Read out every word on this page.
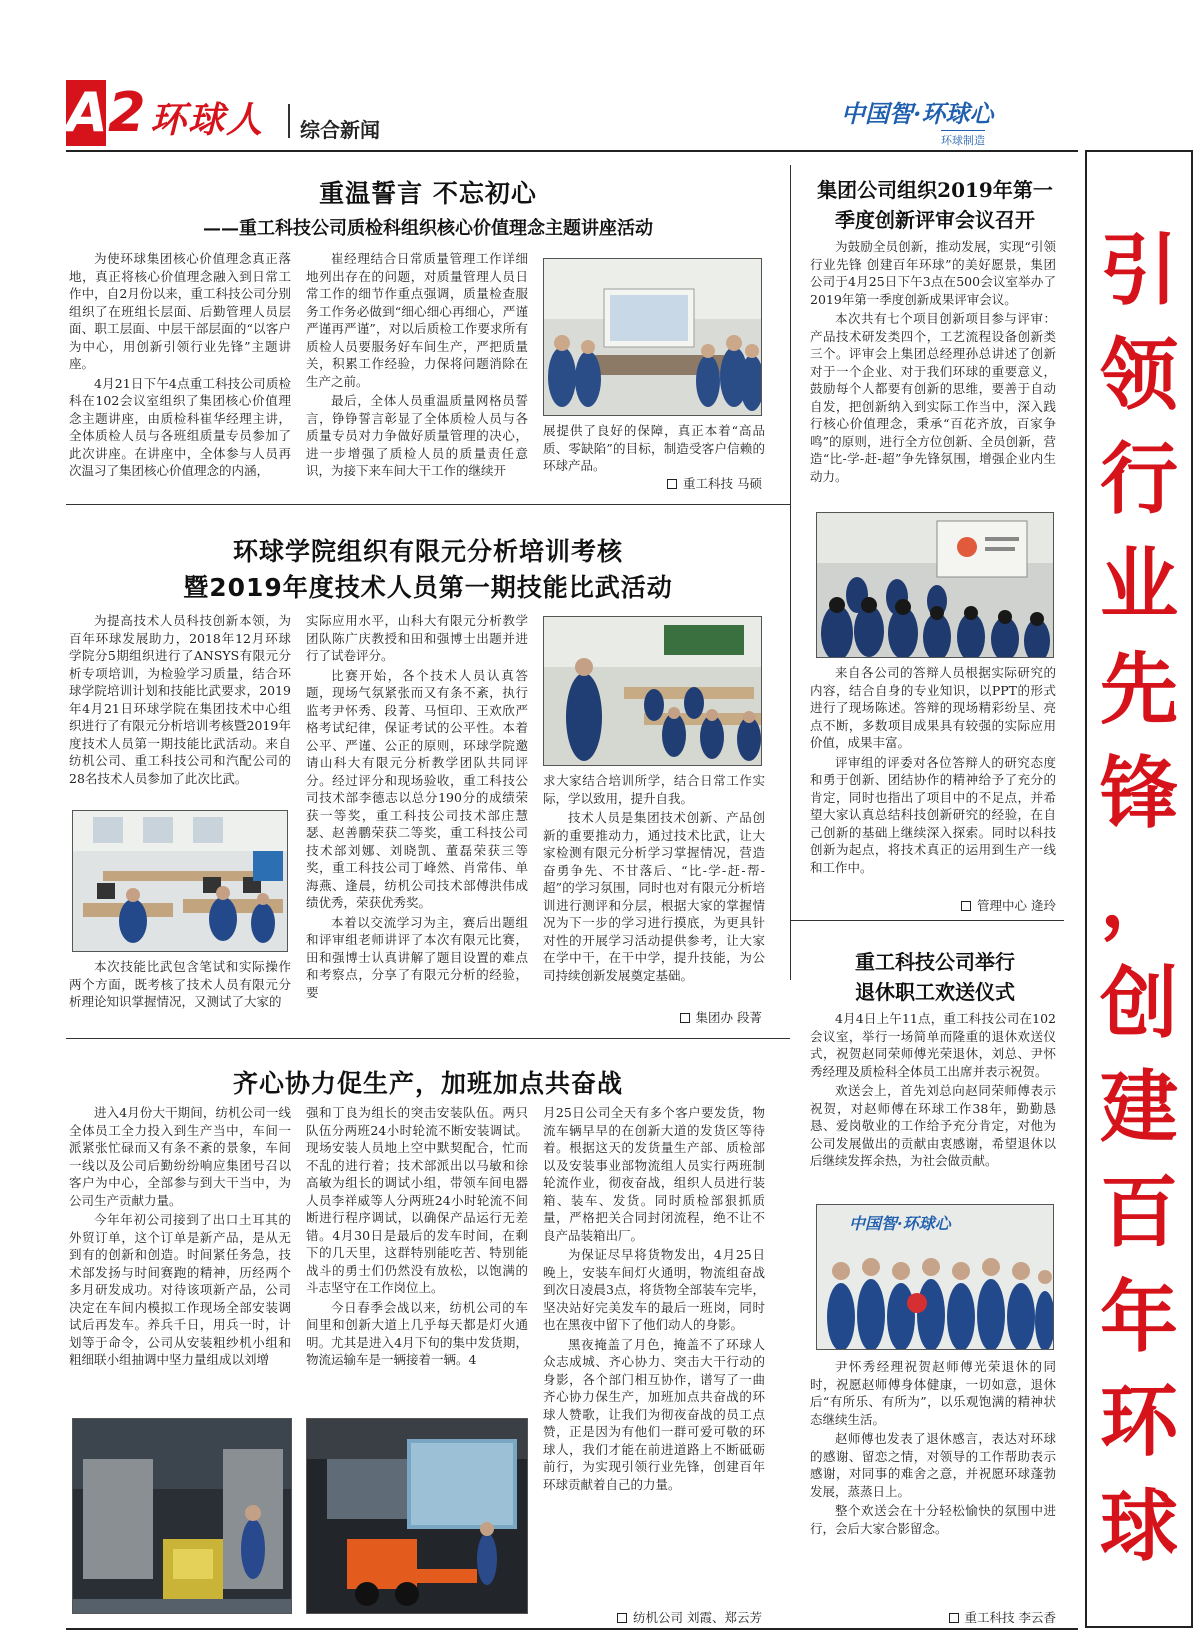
A 2 环球人 综合新闻
中国智·环球心
环球制造
引
领
行
业
先
锋
，
创
建
百
年
环
球
重温誓言 不忘初心
——重工科技公司质检科组织核心价值理念主题讲座活动

为使环球集团核心价值理念真正落地，真正将核心价值理念融入到日常工作中，自2月份以来，重工科技公司分别组织了在班组长层面、后勤管理人员层面、职工层面、中层干部层面的“以客户为中心，用创新引领行业先锋”主题讲座。

4月21日下午4点重工科技公司质检科在102会议室组织了集团核心价值理念主题讲座，由质检科崔华经理主讲，全体质检人员与各班组质量专员参加了此次讲座。在讲座中，全体参与人员再次温习了集团核心价值理念的内涵，

崔经理结合日常质量管理工作详细地列出存在的问题，对质量管理人员日常工作的细节作重点强调，质量检查服务工作务必做到“细心细心再细心，严谨严谨再严谨”，对以后质检工作要求所有质检人员要服务好车间生产，严把质量关，积累工作经验，力保将问题消除在生产之前。

最后，全体人员重温质量网格员誓言，铮铮誓言彰显了全体质检人员与各质量专员对力争做好质量管理的决心，进一步增强了质检人员的质量责任意识，为接下来车间大干工作的继续开

展提供了良好的保障，真正本着“高品质、零缺陷”的目标，制造受客户信赖的环球产品。

重工科技 马硕
环球学院组织有限元分析培训考核
暨2019年度技术人员第一期技能比武活动

为提高技术人员科技创新本领，为百年环球发展助力，2018年12月环球学院分5期组织进行了ANSYS有限元分析专项培训，为检验学习质量，结合环球学院培训计划和技能比武要求，2019年4月21日环球学院在集团技术中心组织进行了有限元分析培训考核暨2019年度技术人员第一期技能比武活动。来自纺机公司、重工科技公司和汽配公司的28名技术人员参加了此次比武。

本次技能比武包含笔试和实际操作两个方面，既考核了技术人员有限元分析理论知识掌握情况，又测试了大家的

实际应用水平，山科大有限元分析教学团队陈广庆教授和田和强博士出题并进行了试卷评分。

比赛开始，各个技术人员认真答题，现场气氛紧张而又有条不紊，执行监考尹怀秀、段菁、马恒印、王欢欣严格考试纪律，保证考试的公平性。本着公平、严谨、公正的原则，环球学院邀请山科大有限元分析教学团队共同评分。经过评分和现场验收，重工科技公司技术部李德志以总分190分的成绩荣获一等奖，重工科技公司技术部庄慧瑟、赵善鹏荣获二等奖，重工科技公司技术部刘娜、刘晓凯、董磊荣获三等奖，重工科技公司丁峰然、肖常伟、单海燕、逢晨，纺机公司技术部傅洪伟成绩优秀，荣获优秀奖。

本着以交流学习为主，赛后出题组和评审组老师讲评了本次有限元比赛，田和强博士认真讲解了题目设置的难点和考察点，分享了有限元分析的经验，要

求大家结合培训所学，结合日常工作实际，学以致用，提升自我。

技术人员是集团技术创新、产品创新的重要推动力，通过技术比武，让大家检测有限元分析学习掌握情况，营造奋勇争先、不甘落后、“比-学-赶-帮-超”的学习氛围，同时也对有限元分析培训进行测评和分层，根据大家的掌握情况为下一步的学习进行摸底，为更具针对性的开展学习活动提供参考，让大家在学中干，在干中学，提升技能，为公司持续创新发展奠定基础。

集团办 段菁
齐心协力促生产，加班加点共奋战

进入4月份大干期间，纺机公司一线全体员工全力投入到生产当中，车间一派紧张忙碌而又有条不紊的景象，车间一线以及公司后勤纷纷响应集团号召以客户为中心，全部参与到大干当中，为公司生产贡献力量。

今年年初公司接到了出口土耳其的外贸订单，这个订单是新产品，是从无到有的创新和创造。时间紧任务急，技术部发扬与时间赛跑的精神，历经两个多月研发成功。对待该项新产品，公司决定在车间内模拟工作现场全部安装调试后再发车。养兵千日，用兵一时，计划等于命令，公司从安装粗纱机小组和粗细联小组抽调中坚力量组成以刘增

强和丁良为组长的突击安装队伍。两只队伍分两班24小时轮流不断安装调试。现场安装人员地上空中默契配合，忙而不乱的进行着；技术部派出以马敏和徐高敏为组长的调试小组，带领车间电器人员李祥威等人分两班24小时轮流不间断进行程序调试，以确保产品运行无差错。4月30日是最后的发车时间，在剩下的几天里，这群特别能吃苦、特别能战斗的勇士们仍然没有放松，以饱满的斗志坚守在工作岗位上。

今日春季会战以来，纺机公司的车间里和创新大道上几乎每天都是灯火通明。尤其是进入4月下旬的集中发货期，物流运输车是一辆接着一辆。4

月25日公司全天有多个客户要发货，物流车辆早早的在创新大道的发货区等待着。根据这天的发货量生产部、质检部以及安装事业部物流组人员实行两班制轮流作业，彻夜奋战，组织人员进行装箱、装车、发货。同时质检部狠抓质量，严格把关合同封闭流程，绝不让不良产品装箱出厂。

为保证尽早将货物发出，4月25日晚上，安装车间灯火通明，物流组奋战到次日凌晨3点，将货物全部装车完毕，坚决站好完美发车的最后一班岗，同时也在黑夜中留下了他们动人的身影。

黑夜掩盖了月色，掩盖不了环球人众志成城、齐心协力、突击大干行动的身影，各个部门相互协作，谱写了一曲齐心协力保生产，加班加点共奋战的环球人赞歌，让我们为彻夜奋战的员工点赞，正是因为有他们一群可爱可敬的环球人，我们才能在前进道路上不断砥砺前行，为实现引领行业先锋，创建百年环球贡献着自己的力量。

纺机公司 刘霞、郑云芳
集团公司组织2019年第一
季度创新评审会议召开

为鼓励全员创新，推动发展，实现“引领行业先锋 创建百年环球”的美好愿景，集团公司于4月25日下午3点在500会议室举办了2019年第一季度创新成果评审会议。

本次共有七个项目创新项目参与评审：产品技术研发类四个，工艺流程设备创新类三个。评审会上集团总经理孙总讲述了创新对于一个企业、对于我们环球的重要意义，鼓励每个人都要有创新的思维，要善于自动自发，把创新纳入到实际工作当中，深入践行核心价值理念，秉承“百花齐放，百家争鸣”的原则，进行全方位创新、全员创新，营造“比-学-赶-超”争先锋氛围，增强企业内生动力。

来自各公司的答辩人员根据实际研究的内容，结合自身的专业知识，以PPT的形式进行了现场陈述。答辩的现场精彩纷呈、亮点不断，多数项目成果具有较强的实际应用价值，成果丰富。

评审组的评委对各位答辩人的研究态度和勇于创新、团结协作的精神给予了充分的肯定，同时也指出了项目中的不足点，并希望大家认真总结科技创新研究的经验，在自己创新的基础上继续深入探索。同时以科技创新为起点，将技术真正的运用到生产一线和工作中。

管理中心 逄玲
重工科技公司举行
退休职工欢送仪式

4月4日上午11点，重工科技公司在102会议室，举行一场简单而隆重的退休欢送仪式，祝贺赵同荣师傅光荣退休，刘总、尹怀秀经理及质检科全体员工出席并表示祝贺。

欢送会上，首先刘总向赵同荣师傅表示祝贺，对赵师傅在环球工作38年，勤勤恳恳、爱岗敬业的工作给予充分肯定，对他为公司发展做出的贡献由衷感谢，希望退休以后继续发挥余热，为社会做贡献。

中国智·环球心

尹怀秀经理祝贺赵师傅光荣退休的同时，祝愿赵师傅身体健康，一切如意，退休后“有所乐、有所为”，以乐观饱满的精神状态继续生活。

赵师傅也发表了退休感言，表达对环球的感谢、留恋之情，对领导的工作帮助表示感谢，对同事的难舍之意，并祝愿环球蓬勃发展，蒸蒸日上。

整个欢送会在十分轻松愉快的氛围中进行，会后大家合影留念。

重工科技 李云香
